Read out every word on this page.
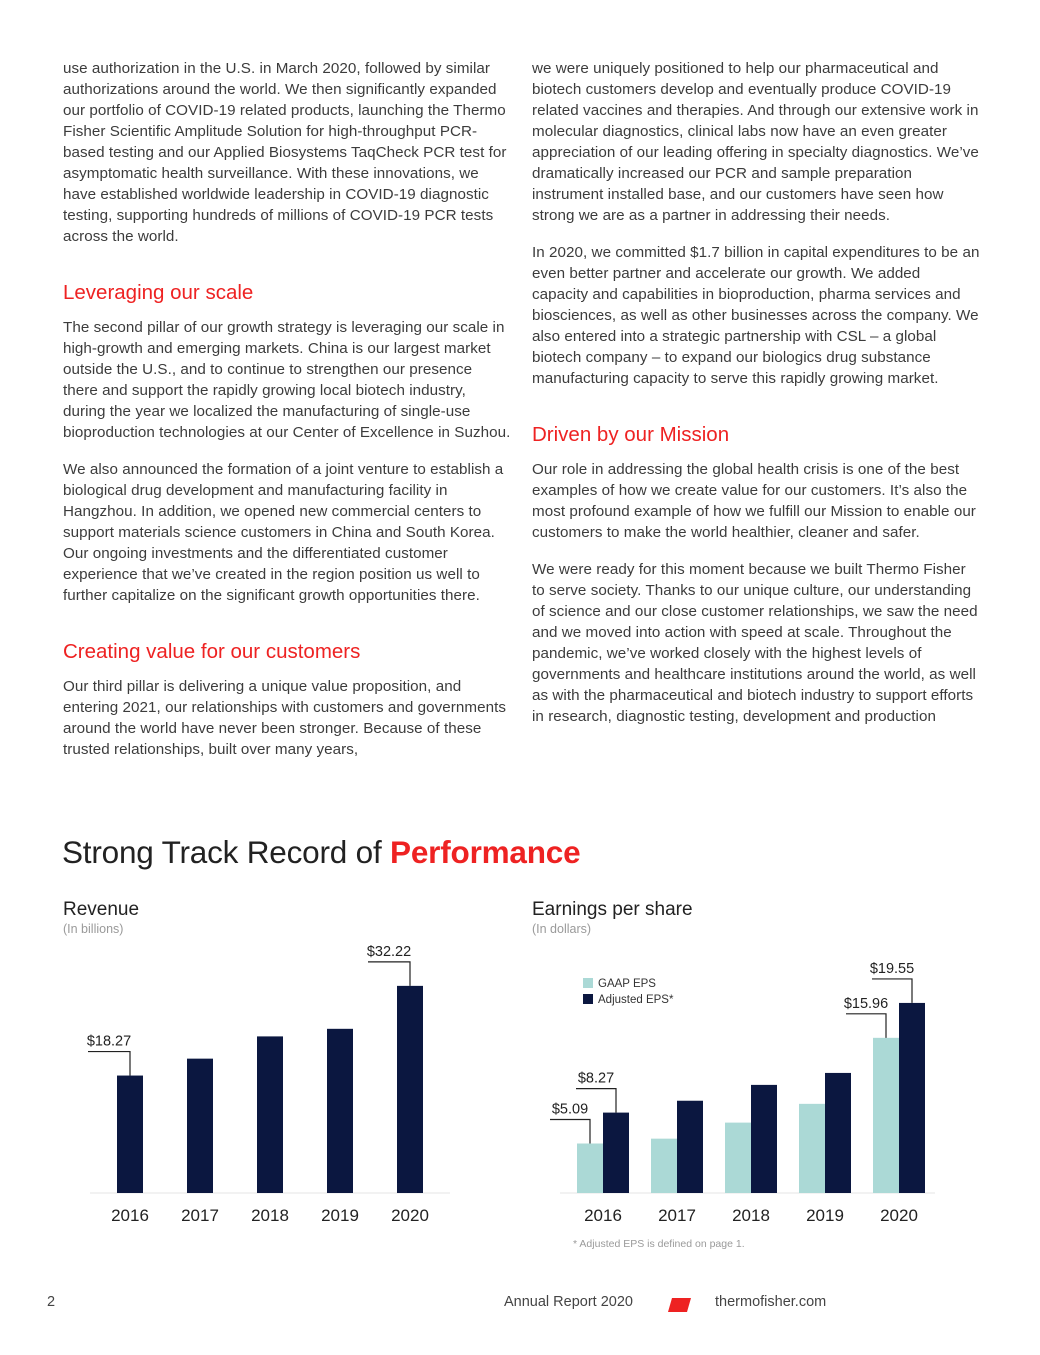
use authorization in the U.S. in March 2020, followed by similar authorizations around the world. We then significantly expanded our portfolio of COVID-19 related products, launching the Thermo Fisher Scientific Amplitude Solution for high-throughput PCR-based testing and our Applied Biosystems TaqCheck PCR test for asymptomatic health surveillance. With these innovations, we have established worldwide leadership in COVID-19 diagnostic testing, supporting hundreds of millions of COVID-19 PCR tests across the world.

Leveraging our scale

The second pillar of our growth strategy is leveraging our scale in high-growth and emerging markets. China is our largest market outside the U.S., and to continue to strengthen our presence there and support the rapidly growing local biotech industry, during the year we localized the manufacturing of single-use bioproduction technologies at our Center of Excellence in Suzhou.

We also announced the formation of a joint venture to establish a biological drug development and manufacturing facility in Hangzhou. In addition, we opened new commercial centers to support materials science customers in China and South Korea. Our ongoing investments and the differentiated customer experience that we’ve created in the region position us well to further capitalize on the significant growth opportunities there.

Creating value for our customers

Our third pillar is delivering a unique value proposition, and entering 2021, our relationships with customers and governments around the world have never been stronger. Because of these trusted relationships, built over many years,

we were uniquely positioned to help our pharmaceutical and biotech customers develop and eventually produce COVID-19 related vaccines and therapies. And through our extensive work in molecular diagnostics, clinical labs now have an even greater appreciation of our leading offering in specialty diagnostics. We’ve dramatically increased our PCR and sample preparation instrument installed base, and our customers have seen how strong we are as a partner in addressing their needs.

In 2020, we committed $1.7 billion in capital expenditures to be an even better partner and accelerate our growth. We added capacity and capabilities in bioproduction, pharma services and biosciences, as well as other businesses across the company. We also entered into a strategic partnership with CSL – a global biotech company – to expand our biologics drug substance manufacturing capacity to serve this rapidly growing market.

Driven by our Mission

Our role in addressing the global health crisis is one of the best examples of how we create value for our customers. It’s also the most profound example of how we fulfill our Mission to enable our customers to make the world healthier, cleaner and safer.

We were ready for this moment because we built Thermo Fisher to serve society. Thanks to our unique culture, our understanding of science and our close customer relationships, we saw the need and we moved into action with speed at scale. Throughout the pandemic, we’ve worked closely with the highest levels of governments and healthcare institutions around the world, as well as with the pharmaceutical and biotech industry to support efforts in research, diagnostic testing, development and production

Strong Track Record of Performance
Revenue
(In billions)
2016 2017 2018 2019 2020
$18.27
$32.22
Earnings per share
(In dollars)
2016 2017 2018 2019 2020
GAAP EPS
Adjusted EPS*
$5.09
$8.27
$15.96
$19.55
* Adjusted EPS is defined on page 1.
2	Annual Report 2020	thermofisher.com
